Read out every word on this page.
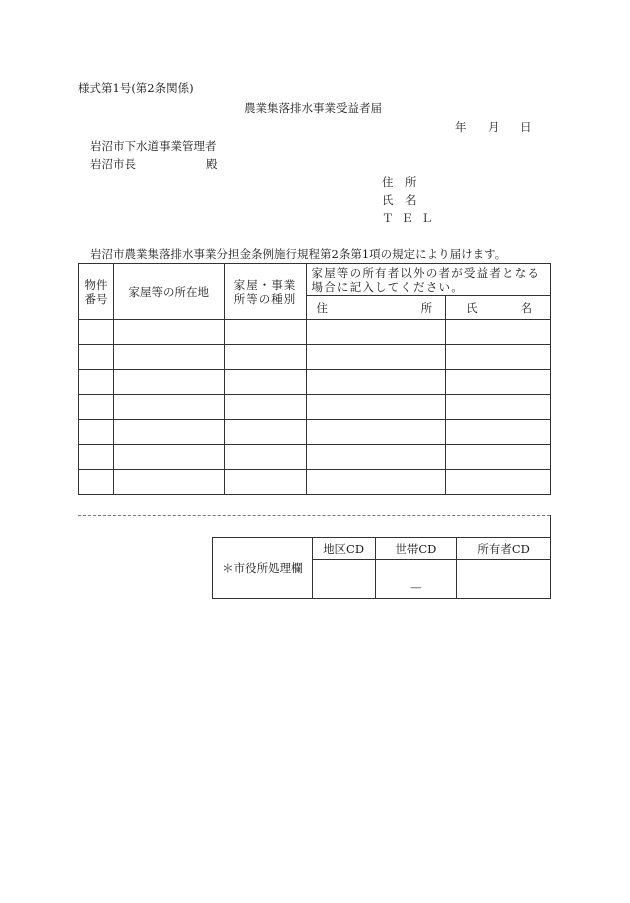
様式第1号(第2条関係)
農業集落排水事業受益者届
年 月 日
岩沼市下水道事業管理者
岩沼市長	殿
住 所
氏 名
ＴＥＬ
岩沼市農業集落排水事業分担金条例施行規程第2条第1項の規定により届けます。
物件番号	家屋等の所在地	家屋・事業所等の種別	家屋等の所有者以外の者が受益者となる場合に記入してください。	

			住 所	氏 名

＊市役所処理欄	地区CD	世帯CD	所有者CD
		—	
